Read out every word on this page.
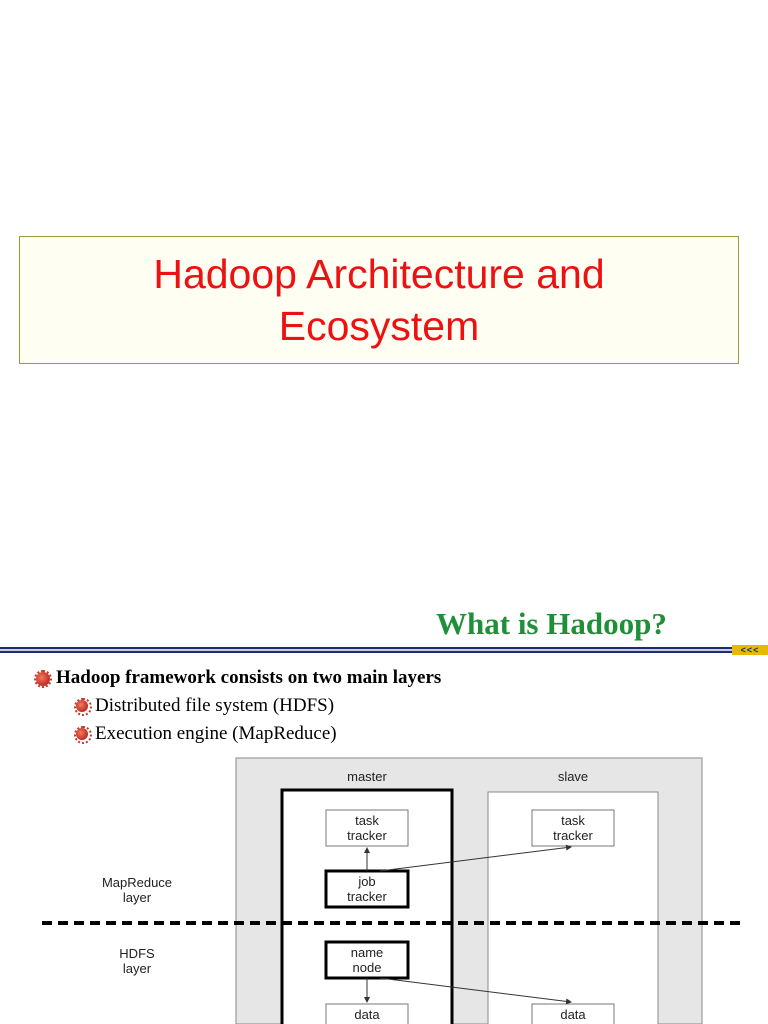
Hadoop Architecture and Ecosystem
What is Hadoop?
<<<
Hadoop framework consists on two main layers
Distributed file system (HDFS)
Execution engine (MapReduce)
master	slave
MapReduce layer
HDFS layer
task tracker
task tracker
job tracker
name node
data	data
